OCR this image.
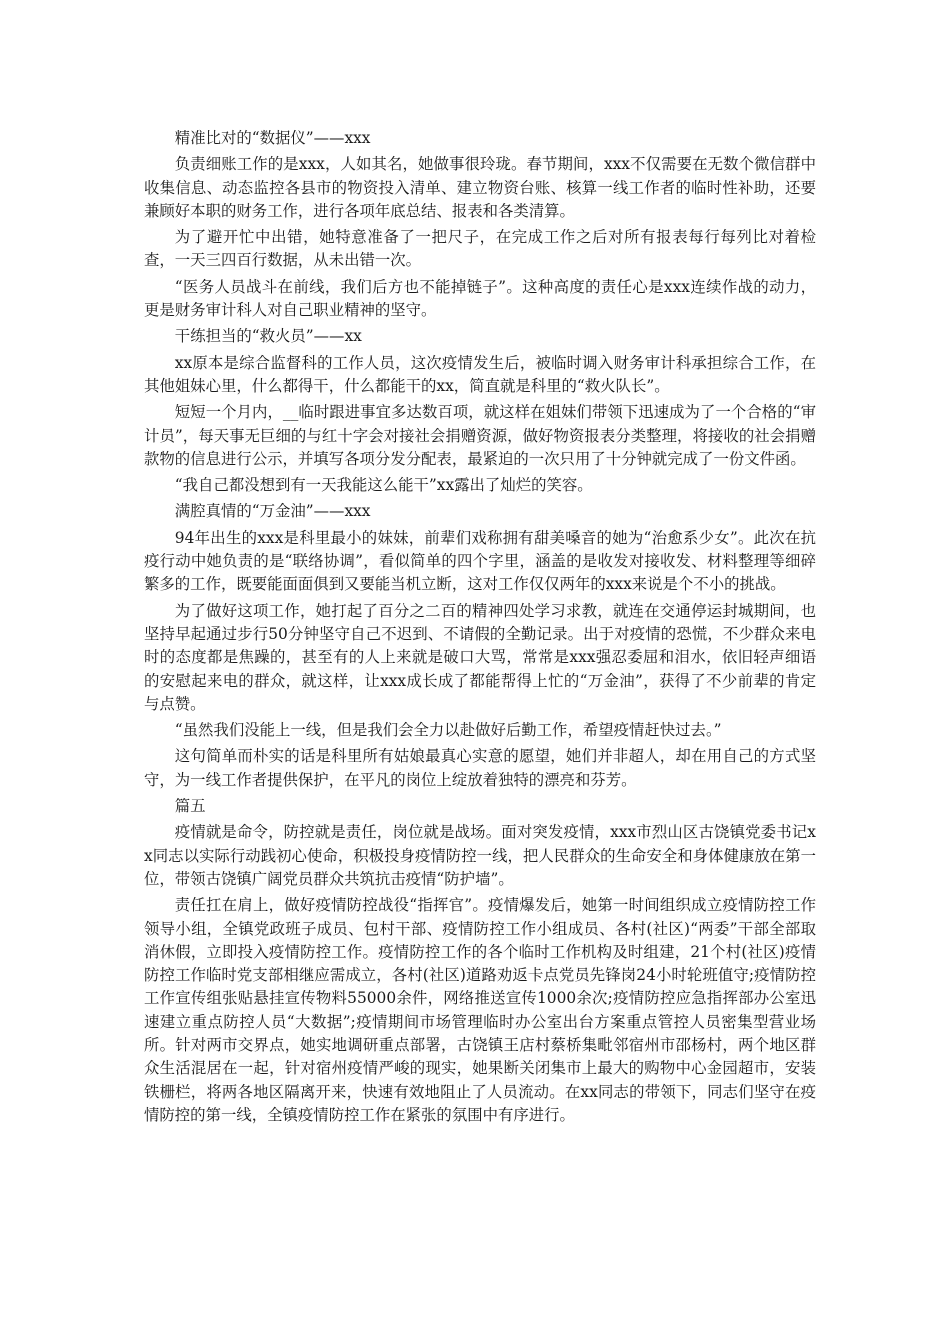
精准比对的“数据仪”——xxx

负责细账工作的是xxx，人如其名，她做事很玲珑。春节期间，xxx不仅需要在无数个微信群中收集信息、动态监控各县市的物资投入清单、建立物资台账、核算一线工作者的临时性补助，还要兼顾好本职的财务工作，进行各项年底总结、报表和各类清算。

为了避开忙中出错，她特意准备了一把尺子，在完成工作之后对所有报表每行每列比对着检查，一天三四百行数据，从未出错一次。

“医务人员战斗在前线，我们后方也不能掉链子”。这种高度的责任心是xxx连续作战的动力，更是财务审计科人对自己职业精神的坚守。

干练担当的“救火员”——xx

xx原本是综合监督科的工作人员，这次疫情发生后，被临时调入财务审计科承担综合工作，在其他姐妹心里，什么都得干，什么都能干的xx，简直就是科里的“救火队长”。

短短一个月内，__临时跟进事宜多达数百项，就这样在姐妹们带领下迅速成为了一个合格的“审计员”，每天事无巨细的与红十字会对接社会捐赠资源，做好物资报表分类整理，将接收的社会捐赠款物的信息进行公示，并填写各项分发分配表，最紧迫的一次只用了十分钟就完成了一份文件函。

“我自己都没想到有一天我能这么能干”xx露出了灿烂的笑容。

满腔真情的“万金油”——xxx

94年出生的xxx是科里最小的妹妹，前辈们戏称拥有甜美嗓音的她为“治愈系少女”。此次在抗疫行动中她负责的是“联络协调”，看似简单的四个字里，涵盖的是收发对接收发、材料整理等细碎繁多的工作，既要能面面俱到又要能当机立断，这对工作仅仅两年的xxx来说是个不小的挑战。

为了做好这项工作，她打起了百分之二百的精神四处学习求教，就连在交通停运封城期间，也坚持早起通过步行50分钟坚守自己不迟到、不请假的全勤记录。出于对疫情的恐慌，不少群众来电时的态度都是焦躁的，甚至有的人上来就是破口大骂，常常是xxx强忍委屈和泪水，依旧轻声细语的安慰起来电的群众，就这样，让xxx成长成了都能帮得上忙的“万金油”，获得了不少前辈的肯定与点赞。

“虽然我们没能上一线，但是我们会全力以赴做好后勤工作，希望疫情赶快过去。”

这句简单而朴实的话是科里所有姑娘最真心实意的愿望，她们并非超人，却在用自己的方式坚守，为一线工作者提供保护，在平凡的岗位上绽放着独特的漂亮和芬芳。

篇五

疫情就是命令，防控就是责任，岗位就是战场。面对突发疫情，xxx市烈山区古饶镇党委书记xx同志以实际行动践初心使命，积极投身疫情防控一线，把人民群众的生命安全和身体健康放在第一位，带领古饶镇广阔党员群众共筑抗击疫情“防护墙”。

责任扛在肩上，做好疫情防控战役“指挥官”。疫情爆发后，她第一时间组织成立疫情防控工作领导小组，全镇党政班子成员、包村干部、疫情防控工作小组成员、各村(社区)“两委”干部全部取消休假，立即投入疫情防控工作。疫情防控工作的各个临时工作机构及时组建，21个村(社区)疫情防控工作临时党支部相继应需成立，各村(社区)道路劝返卡点党员先锋岗24小时轮班值守;疫情防控工作宣传组张贴悬挂宣传物料55000余件，网络推送宣传1000余次;疫情防控应急指挥部办公室迅速建立重点防控人员“大数据”;疫情期间市场管理临时办公室出台方案重点管控人员密集型营业场所。针对两市交界点，她实地调研重点部署，古饶镇王店村蔡桥集毗邻宿州市邵杨村，两个地区群众生活混居在一起，针对宿州疫情严峻的现实，她果断关闭集市上最大的购物中心金园超市，安装铁栅栏，将两各地区隔离开来，快速有效地阻止了人员流动。在xx同志的带领下，同志们坚守在疫情防控的第一线，全镇疫情防控工作在紧张的氛围中有序进行。
